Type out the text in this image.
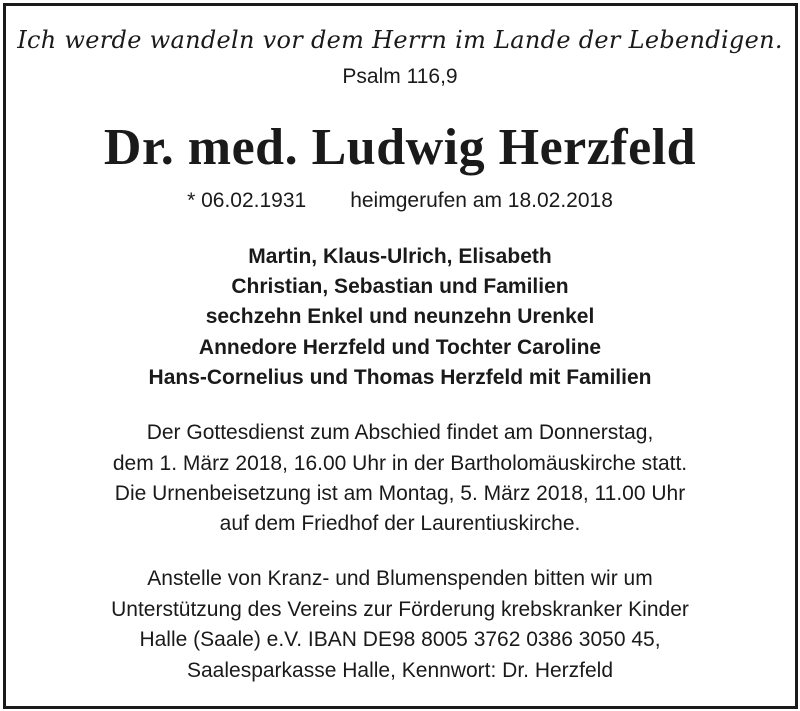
Ich werde wandeln vor dem Herrn im Lande der Lebendigen.

Psalm 116,9

Dr. med. Ludwig Herzfeld

* 06.02.1931 heimgerufen am 18.02.2018

Martin, Klaus-Ulrich, Elisabeth

Christian, Sebastian und Familien

sechzehn Enkel und neunzehn Urenkel

Annedore Herzfeld und Tochter Caroline

Hans-Cornelius und Thomas Herzfeld mit Familien

Der Gottesdienst zum Abschied findet am Donnerstag,

dem 1. März 2018, 16.00 Uhr in der Bartholomäuskirche statt.

Die Urnenbeisetzung ist am Montag, 5. März 2018, 11.00 Uhr

auf dem Friedhof der Laurentiuskirche.

Anstelle von Kranz- und Blumenspenden bitten wir um

Unterstützung des Vereins zur Förderung krebskranker Kinder

Halle (Saale) e.V. IBAN DE98 8005 3762 0386 3050 45,

Saalesparkasse Halle, Kennwort: Dr. Herzfeld
